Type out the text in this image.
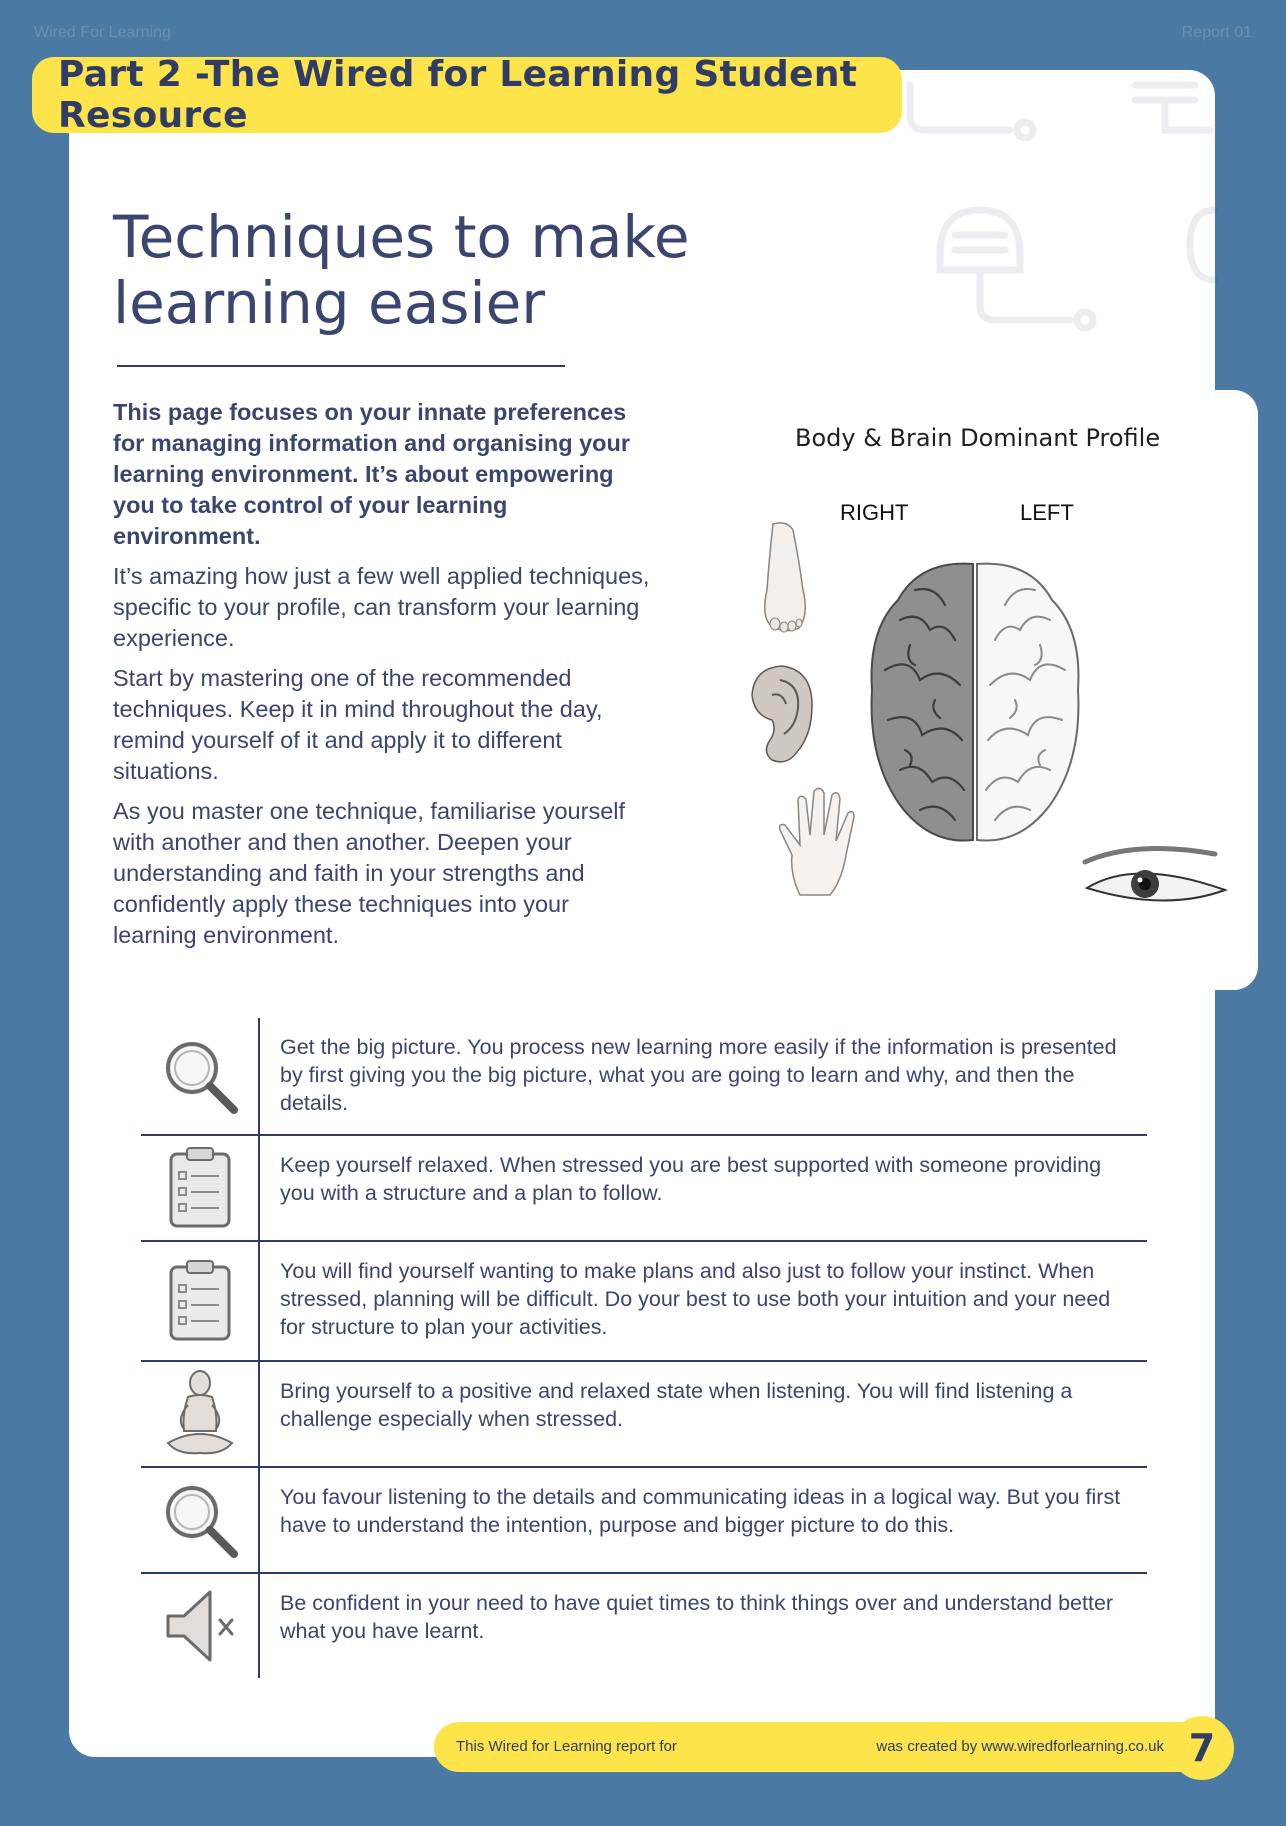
Wired For Learning	Report 01
Part 2 -The Wired for Learning Student Resource
Techniques to make
learning easier

This page focuses on your innate preferences for managing information and organising your learning environment. It’s about empowering you to take control of your learning environment.

It’s amazing how just a few well applied techniques, specific to your profile, can transform your learning experience.

Start by mastering one of the recommended techniques. Keep it in mind throughout the day, remind yourself of it and apply it to different situations.

As you master one technique, familiarise yourself with another and then another. Deepen your understanding and faith in your strengths and confidently apply these techniques into your learning environment.

Body & Brain Dominant Profile
RIGHT	LEFT
Get the big picture. You process new learning more easily if the information is presented by first giving you the big picture, what you are going to learn and why, and then the details.
Keep yourself relaxed. When stressed you are best supported with someone providing you with a structure and a plan to follow.
You will find yourself wanting to make plans and also just to follow your instinct. When stressed, planning will be difficult. Do your best to use both your intuition and your need for structure to plan your activities.
Bring yourself to a positive and relaxed state when listening. You will find listening a challenge especially when stressed.
You favour listening to the details and communicating ideas in a logical way. But you first have to understand the intention, purpose and bigger picture to do this.
Be confident in your need to have quiet times to think things over and understand better what you have learnt.
This Wired for Learning report for	was created by www.wiredforlearning.co.uk 7
